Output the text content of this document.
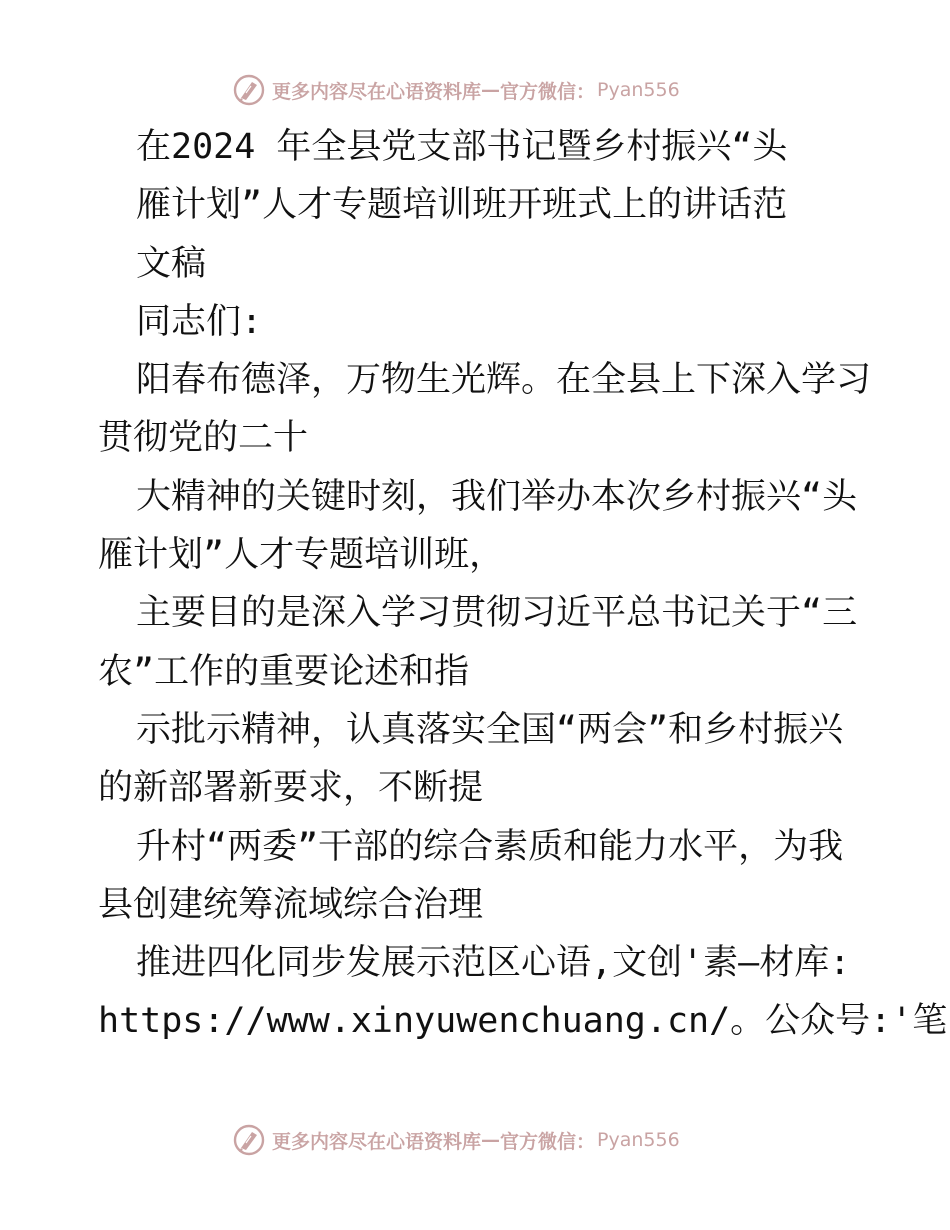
更多内容尽在心语资料库 — 官方微信： Pyan556

在2024 年全县党支部书记暨乡村振兴“头

雁计划”人才专题培训班开班式上的讲话范

文稿

同志们:

阳春布德泽，万物生光辉。在全县上下深入学习

贯彻党的二十

大精神的关键时刻，我们举办本次乡村振兴“头

雁计划”人才专题培训班，

主要目的是深入学习贯彻习近平总书记关于“三

农”工作的重要论述和指

示批示精神，认真落实全国“两会”和乡村振兴

的新部署新要求，不断提

升村“两委”干部的综合素质和能力水平，为我

县创建统筹流域综合治理

推进四化同步发展示范区心语,文创'素—材库:

https://www.xinyuwenchuang.cn/。公众号:'笔

更多内容尽在心语资料库 — 官方微信： Pyan556
